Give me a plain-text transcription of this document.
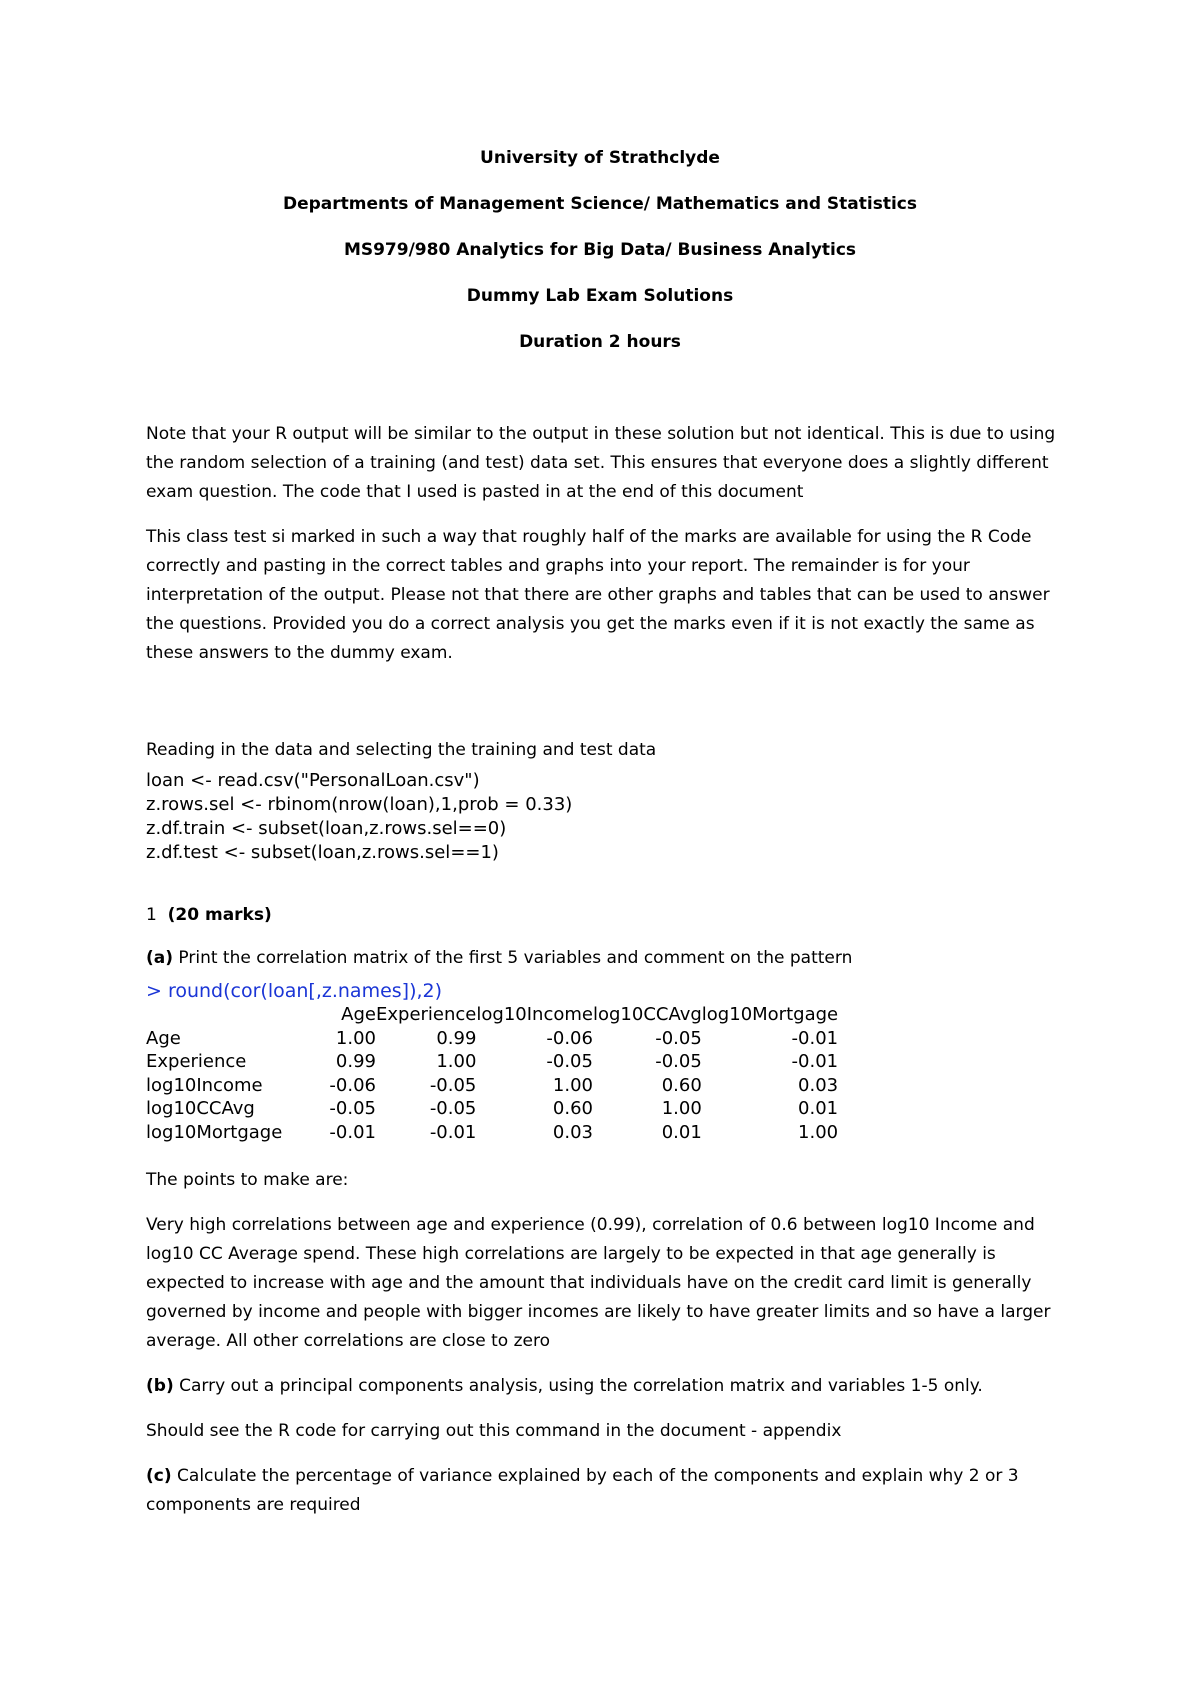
University of Strathclyde
Departments of Management Science/ Mathematics and Statistics
MS979/980 Analytics for Big Data/ Business Analytics
Dummy Lab Exam Solutions
Duration 2 hours

Note that your R output will be similar to the output in these solution but not identical. This is due to using the random selection of a training (and test) data set. This ensures that everyone does a slightly different exam question. The code that I used is pasted in at the end of this document

This class test si marked in such a way that roughly half of the marks are available for using the R Code correctly and pasting in the correct tables and graphs into your report. The remainder is for your interpretation of the output. Please not that there are other graphs and tables that can be used to answer the questions. Provided you do a correct analysis you get the marks even if it is not exactly the same as these answers to the dummy exam.

Reading in the data and selecting the training and test data

loan <- read.csv("PersonalLoan.csv")
z.rows.sel <- rbinom(nrow(loan),1,prob = 0.33)
z.df.train <- subset(loan,z.rows.sel==0)
z.df.test <- subset(loan,z.rows.sel==1)

1 (20 marks)

(a) Print the correlation matrix of the first 5 variables and comment on the pattern

> round(cor(loan[,z.names]),2)
	Age	Experience	log10Income	log10CCAvg	log10Mortgage
Age	1.00	0.99	-0.06	-0.05	-0.01
Experience	0.99	1.00	-0.05	-0.05	-0.01
log10Income	-0.06	-0.05	1.00	0.60	0.03
log10CCAvg	-0.05	-0.05	0.60	1.00	0.01
log10Mortgage	-0.01	-0.01	0.03	0.01	1.00

The points to make are:

Very high correlations between age and experience (0.99), correlation of 0.6 between log10 Income and log10 CC Average spend. These high correlations are largely to be expected in that age generally is expected to increase with age and the amount that individuals have on the credit card limit is generally governed by income and people with bigger incomes are likely to have greater limits and so have a larger average. All other correlations are close to zero

(b) Carry out a principal components analysis, using the correlation matrix and variables 1-5 only.

Should see the R code for carrying out this command in the document - appendix

(c) Calculate the percentage of variance explained by each of the components and explain why 2 or 3 components are required
